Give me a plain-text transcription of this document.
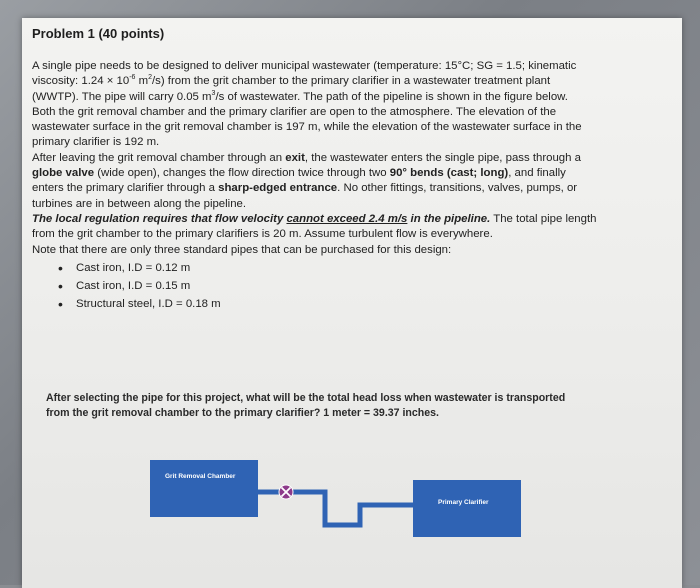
Problem 1 (40 points)

A single pipe needs to be designed to deliver municipal wastewater (temperature: 15°C; SG = 1.5; kinematic viscosity: $1.24 \times 10^{-6}$ $m^2/s$) from the grit chamber to the primary clarifier in a wastewater treatment plant (WWTP). The pipe will carry 0.05 $m^3/s$ of wastewater. The path of the pipeline is shown in the figure below.

Both the grit removal chamber and the primary clarifier are open to the atmosphere. The elevation of the wastewater surface in the grit removal chamber is 197 m, while the elevation of the wastewater surface in the primary clarifier is 192 m.

After leaving the grit removal chamber through an exit, the wastewater enters the single pipe, pass through a globe valve (wide open), changes the flow direction twice through two 90° bends (cast; long), and finally enters the primary clarifier through a sharp-edged entrance. No other fittings, transitions, valves, pumps, or turbines are in between along the pipeline.

The local regulation requires that flow velocity cannot exceed 2.4 m/s in the pipeline. The total pipe length from the grit chamber to the primary clarifiers is 20 m. Assume turbulent flow is everywhere.

Note that there are only three standard pipes that can be purchased for this design:

• Cast iron, I.D = 0.12 m
• Cast iron, I.D = 0.15 m
• Structural steel, I.D = 0.18 m
After selecting the pipe for this project, what will be the total head loss when wastewater is transported from the grit removal chamber to the primary clarifier? 1 meter = 39.37 inches.
Grit Removal Chamber
Primary Clarifier
